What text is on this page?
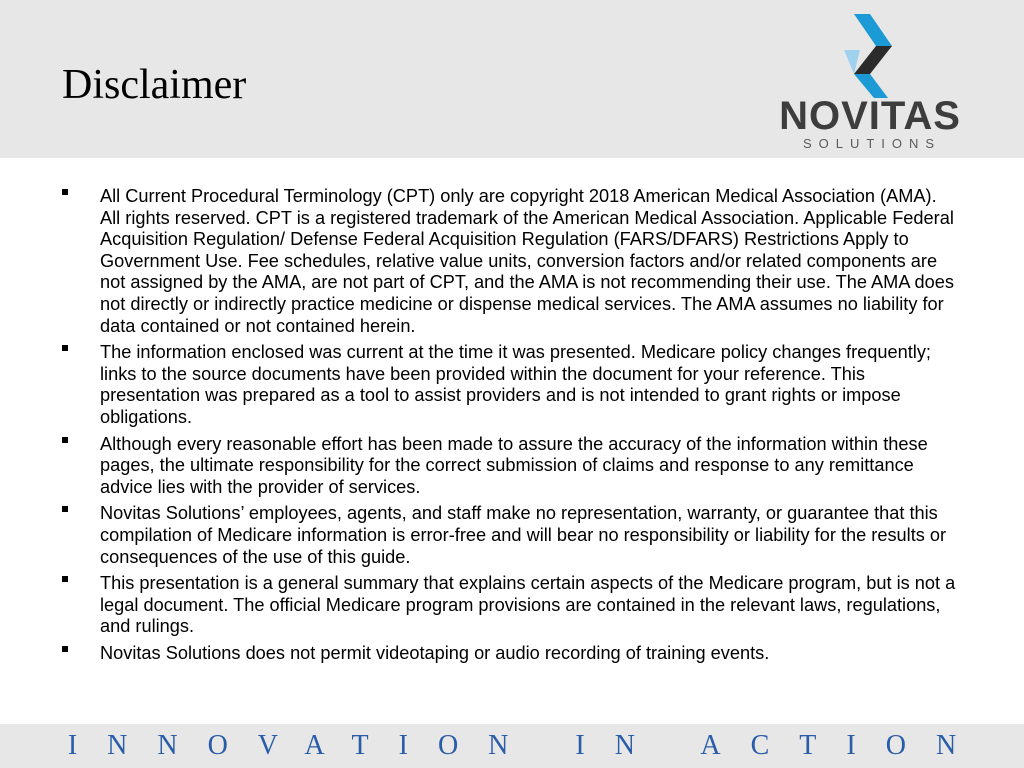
Disclaimer
NOVITAS
SOLUTIONS
All Current Procedural Terminology (CPT) only are copyright 2018 American Medical Association (AMA). All rights reserved. CPT is a registered trademark of the American Medical Association. Applicable Federal Acquisition Regulation/ Defense Federal Acquisition Regulation (FARS/DFARS) Restrictions Apply to Government Use. Fee schedules, relative value units, conversion factors and/or related components are not assigned by the AMA, are not part of CPT, and the AMA is not recommending their use. The AMA does not directly or indirectly practice medicine or dispense medical services. The AMA assumes no liability for data contained or not contained herein.
The information enclosed was current at the time it was presented. Medicare policy changes frequently; links to the source documents have been provided within the document for your reference. This presentation was prepared as a tool to assist providers and is not intended to grant rights or impose obligations.
Although every reasonable effort has been made to assure the accuracy of the information within these pages, the ultimate responsibility for the correct submission of claims and response to any remittance advice lies with the provider of services.
Novitas Solutions’ employees, agents, and staff make no representation, warranty, or guarantee that this compilation of Medicare information is error-free and will bear no responsibility or liability for the results or consequences of the use of this guide.
This presentation is a general summary that explains certain aspects of the Medicare program, but is not a legal document. The official Medicare program provisions are contained in the relevant laws, regulations, and rulings.
Novitas Solutions does not permit videotaping or audio recording of training events.
INNOVATION IN ACTION
